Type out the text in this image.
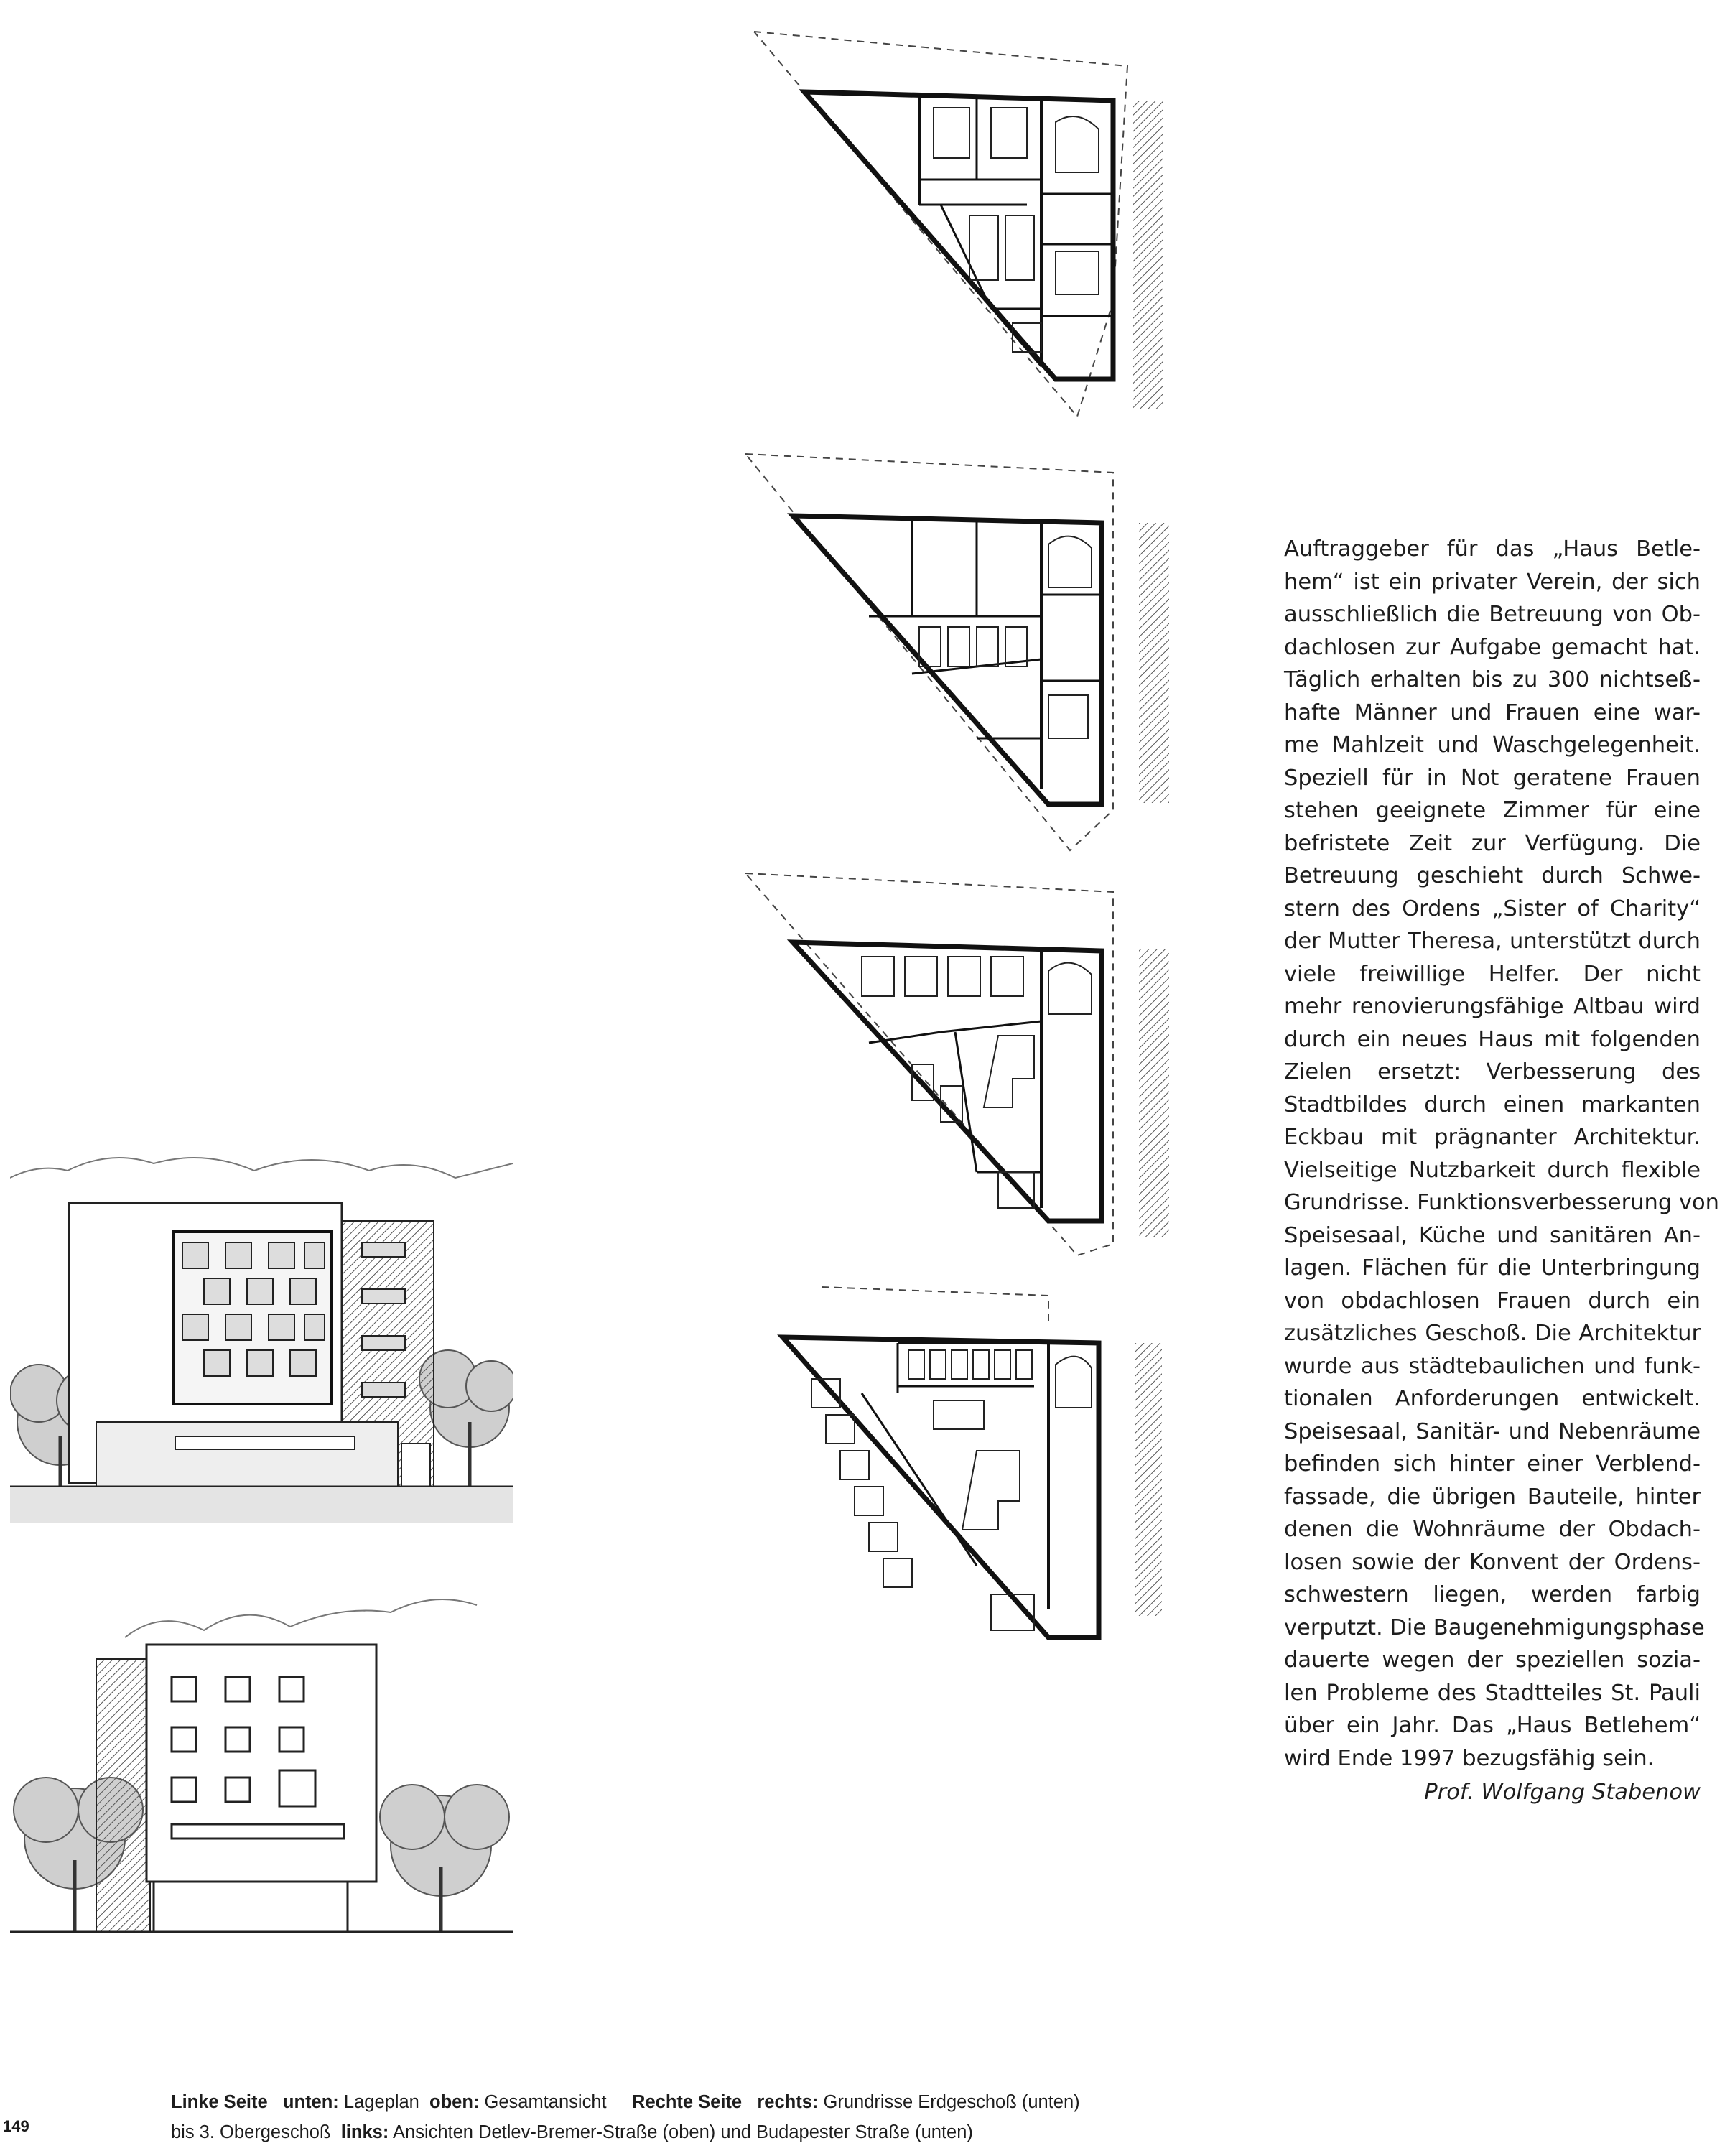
Auftraggeber für das „Haus Betle-
hem“ ist ein privater Verein, der sich
ausschließlich die Betreuung von Ob-
dachlosen zur Aufgabe gemacht hat.
Täglich erhalten bis zu 300 nichtseß-
hafte Männer und Frauen eine war-
me Mahlzeit und Waschgelegenheit.
Speziell für in Not geratene Frauen
stehen geeignete Zimmer für eine
befristete Zeit zur Verfügung. Die
Betreuung geschieht durch Schwe-
stern des Ordens „Sister of Charity“
der Mutter Theresa, unterstützt durch
viele freiwillige Helfer. Der nicht
mehr renovierungsfähige Altbau wird
durch ein neues Haus mit folgenden
Zielen ersetzt: Verbesserung des
Stadtbildes durch einen markanten
Eckbau mit prägnanter Architektur.
Vielseitige Nutzbarkeit durch flexible
Grundrisse. Funktionsverbesserung von
Speisesaal, Küche und sanitären An-
lagen. Flächen für die Unterbringung
von obdachlosen Frauen durch ein
zusätzliches Geschoß. Die Architektur
wurde aus städtebaulichen und funk-
tionalen Anforderungen entwickelt.
Speisesaal, Sanitär- und Nebenräume
befinden sich hinter einer Verblend-
fassade, die übrigen Bauteile, hinter
denen die Wohnräume der Obdach-
losen sowie der Konvent der Ordens-
schwestern liegen, werden farbig
verputzt. Die Baugenehmigungsphase
dauerte wegen der speziellen sozia-
len Probleme des Stadtteiles St. Pauli
über ein Jahr. Das „Haus Betlehem“
wird Ende 1997 bezugsfähig sein.
Prof. Wolfgang Stabenow
149
Linke Seite unten: Lageplan oben: Gesamtansicht Rechte Seite rechts: Grundrisse Erdgeschoß (unten)
bis 3. Obergeschoß links: Ansichten Detlev-Bremer-Straße (oben) und Budapester Straße (unten)
